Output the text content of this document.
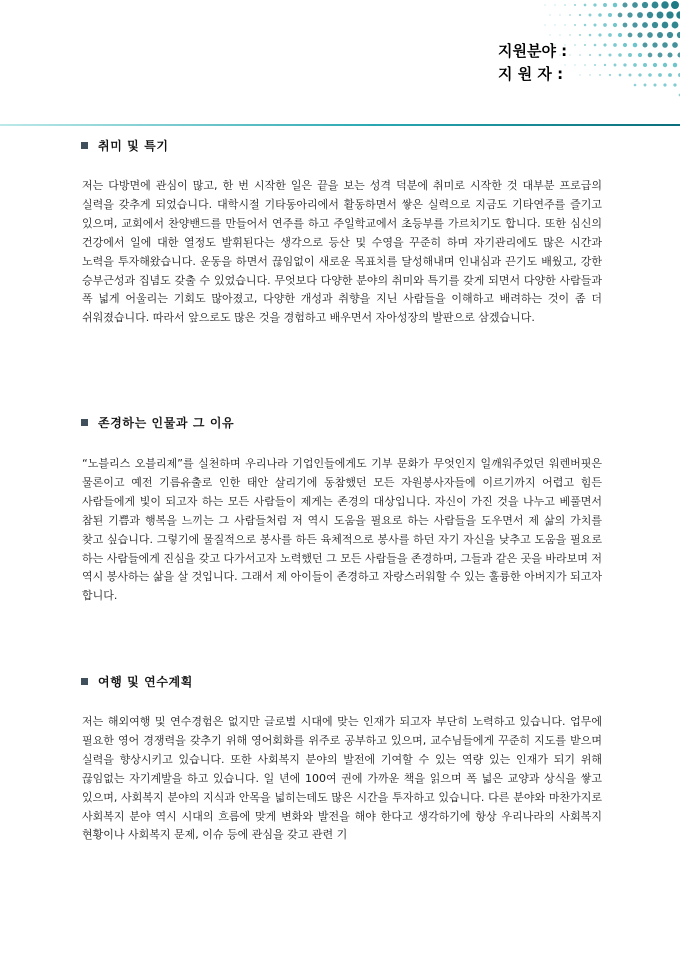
지원분야 :
지 원 자 :
취미 및 특기

저는 다방면에 관심이 많고, 한 번 시작한 일은 끝을 보는 성격 덕분에 취미로 시작한 것 대부분 프로급의 실력을 갖추게 되었습니다. 대학시절 기타동아리에서 활동하면서 쌓은 실력으로 지금도 기타연주를 즐기고 있으며, 교회에서 찬양밴드를 만들어서 연주를 하고 주일학교에서 초등부를 가르치기도 합니다. 또한 심신의 건강에서 일에 대한 열정도 발휘된다는 생각으로 등산 및 수영을 꾸준히 하며 자기관리에도 많은 시간과 노력을 투자해왔습니다. 운동을 하면서 끊임없이 새로운 목표치를 달성해내며 인내심과 끈기도 배웠고, 강한 승부근성과 집념도 갖출 수 있었습니다. 무엇보다 다양한 분야의 취미와 특기를 갖게 되면서 다양한 사람들과 폭 넓게 어울리는 기회도 많아졌고, 다양한 개성과 취향을 지닌 사람들을 이해하고 배려하는 것이 좀 더 쉬워졌습니다. 따라서 앞으로도 많은 것을 경험하고 배우면서 자아성장의 발판으로 삼겠습니다.

존경하는 인물과 그 이유

“노블리스 오블리제”를 실천하며 우리나라 기업인들에게도 기부 문화가 무엇인지 일깨워주었던 워렌버핏은 물론이고 예전 기름유출로 인한 태안 살리기에 동참했던 모든 자원봉사자들에 이르기까지 어렵고 힘든 사람들에게 빛이 되고자 하는 모든 사람들이 제게는 존경의 대상입니다. 자신이 가진 것을 나누고 베풀면서 참된 기쁨과 행복을 느끼는 그 사람들처럼 저 역시 도움을 필요로 하는 사람들을 도우면서 제 삶의 가치를 찾고 싶습니다. 그렇기에 물질적으로 봉사를 하든 육체적으로 봉사를 하던 자기 자신을 낮추고 도움을 필요로 하는 사람들에게 진심을 갖고 다가서고자 노력했던 그 모든 사람들을 존경하며, 그들과 같은 곳을 바라보며 저 역시 봉사하는 삶을 살 것입니다. 그래서 제 아이들이 존경하고 자랑스러워할 수 있는 훌륭한 아버지가 되고자 합니다.

여행 및 연수계획

저는 해외여행 및 연수경험은 없지만 글로벌 시대에 맞는 인재가 되고자 부단히 노력하고 있습니다. 업무에 필요한 영어 경쟁력을 갖추기 위해 영어회화를 위주로 공부하고 있으며, 교수님들에게 꾸준히 지도를 받으며 실력을 향상시키고 있습니다. 또한 사회복지 분야의 발전에 기여할 수 있는 역량 있는 인재가 되기 위해 끊임없는 자기계발을 하고 있습니다. 일 년에 100여 권에 가까운 책을 읽으며 폭 넓은 교양과 상식을 쌓고 있으며, 사회복지 분야의 지식과 안목을 넓히는데도 많은 시간을 투자하고 있습니다. 다른 분야와 마찬가지로 사회복지 분야 역시 시대의 흐름에 맞게 변화와 발전을 해야 한다고 생각하기에 항상 우리나라의 사회복지 현황이나 사회복지 문제, 이슈 등에 관심을 갖고 관련 기
